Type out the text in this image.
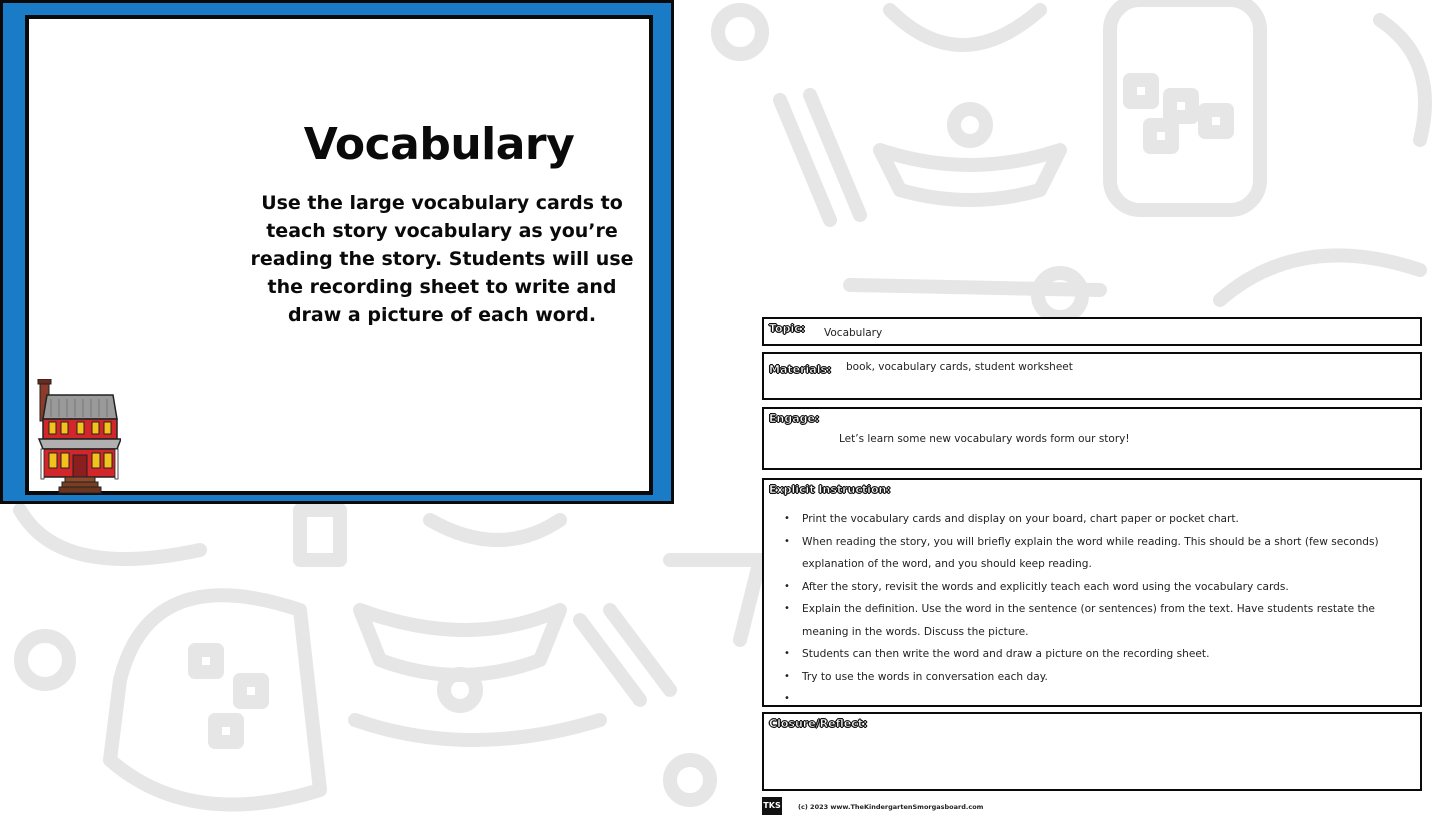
Vocabulary
Use the large vocabulary cards to teach story vocabulary as you’re reading the story. Students will use the recording sheet to write and draw a picture of each word.
Topic: Vocabulary
Materials: book, vocabulary cards, student worksheet
Engage:
Let’s learn some new vocabulary words form our story!
Explicit Instruction:
• Print the vocabulary cards and display on your board, chart paper or pocket chart.
• When reading the story, you will briefly explain the word while reading. This should be a short (few seconds) explanation of the word, and you should keep reading.
• After the story, revisit the words and explicitly teach each word using the vocabulary cards.
• Explain the definition. Use the word in the sentence (or sentences) from the text. Have students restate the meaning in the words. Discuss the picture.
• Students can then write the word and draw a picture on the recording sheet.
• Try to use the words in conversation each day.
•
Closure/Reflect:
TKS	(c) 2023 www.TheKindergartenSmorgasboard.com
